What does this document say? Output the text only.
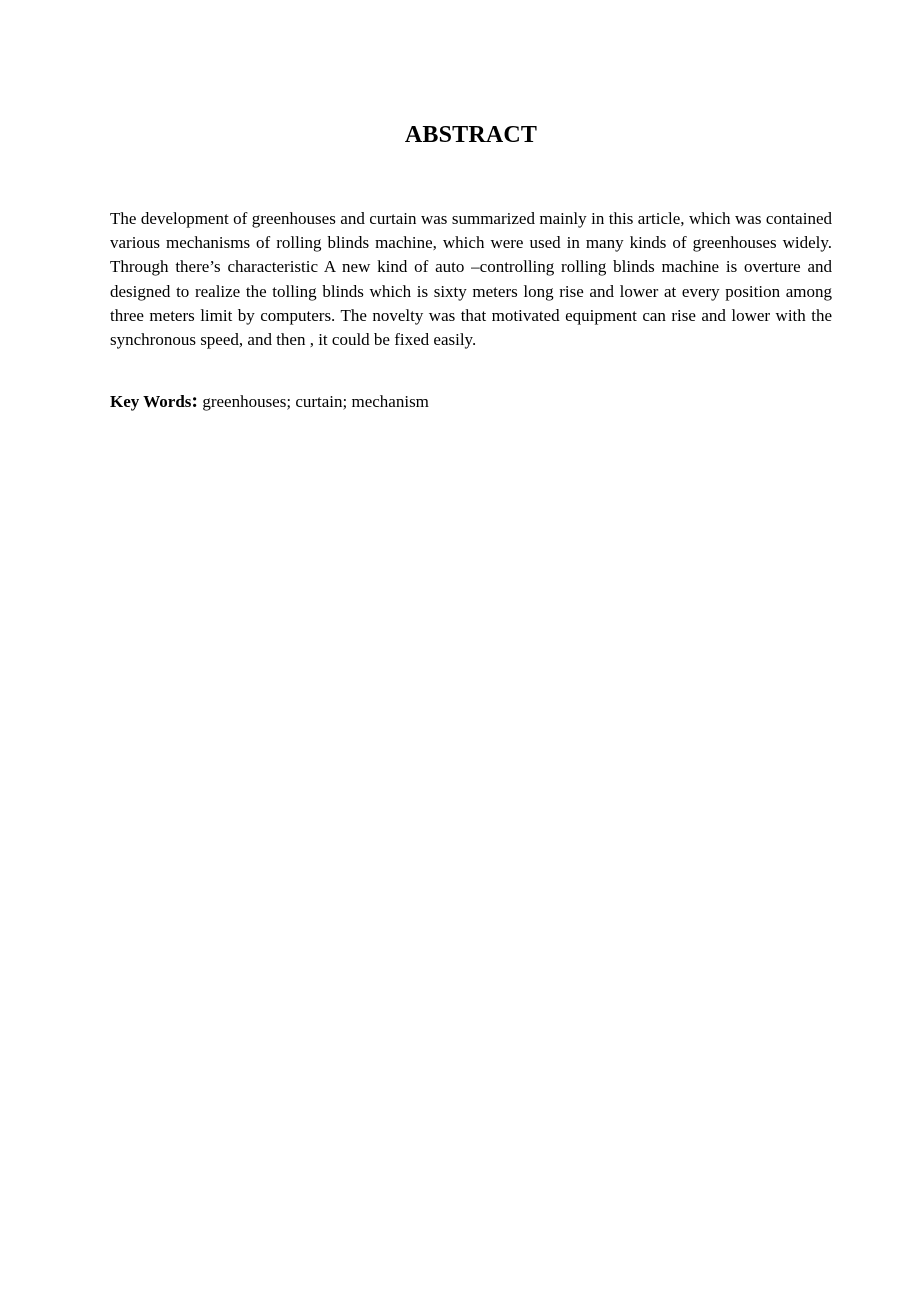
ABSTRACT

The development of greenhouses and curtain was summarized mainly in this article, which was contained various mechanisms of rolling blinds machine, which were used in many kinds of greenhouses widely. Through there’s characteristic A new kind of auto –controlling rolling blinds machine is overture and designed to realize the tolling blinds which is sixty meters long rise and lower at every position among three meters limit by computers. The novelty was that motivated equipment can rise and lower with the synchronous speed, and then , it could be fixed easily.

Key Words: greenhouses; curtain; mechanism
